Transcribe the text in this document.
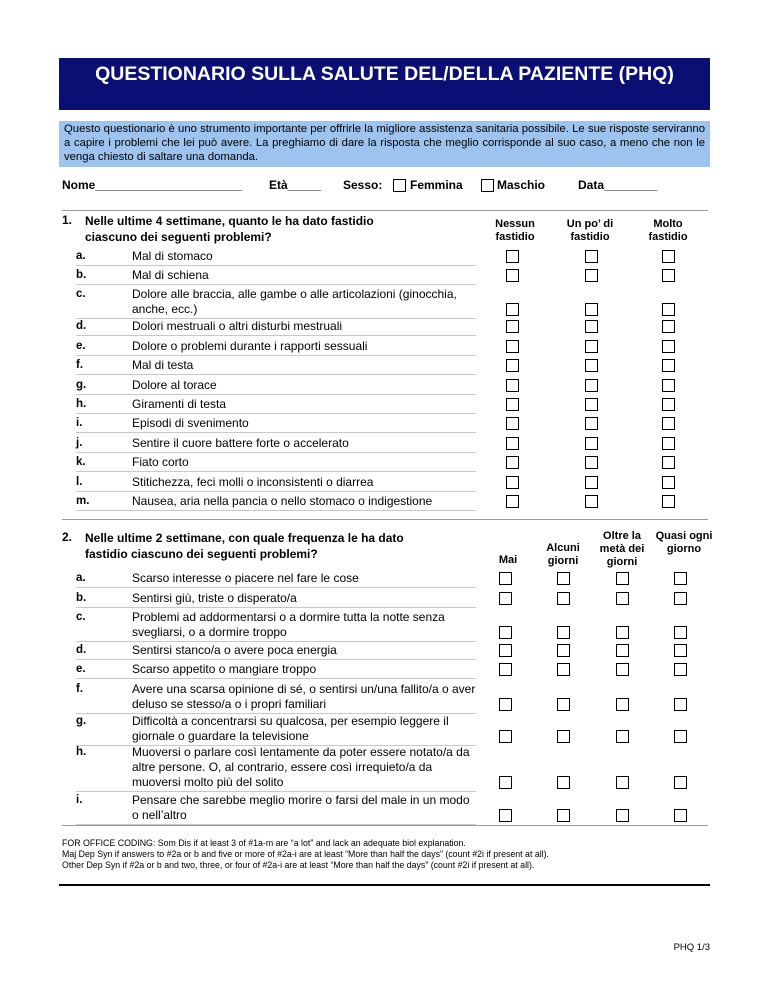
QUESTIONARIO SULLA SALUTE DEL/DELLA PAZIENTE (PHQ)
Questo questionario è uno strumento importante per offrirle la migliore assistenza sanitaria possibile. Le sue risposte serviranno a capire i problemi che lei può avere. La preghiamo di dare la risposta che meglio corrisponde al suo caso, a meno che non le venga chiesto di saltare una domanda.
Nome______________________ Età_____ Sesso: Femmina	Maschio	Data________
1. Nelle ultime 4 settimane, quanto le ha dato fastidio ciascuno dei seguenti problemi?
Nessun fastidio
Un po’ di fastidio
Molto fastidio
a.	Mal di stomaco
b.	Mal di schiena
c.	Dolore alle braccia, alle gambe o alle articolazioni (ginocchia, anche, ecc.)
d.	Dolori mestruali o altri disturbi mestruali
e.	Dolore o problemi durante i rapporti sessuali
f.	Mal di testa
g.	Dolore al torace
h.	Giramenti di testa
i.	Episodi di svenimento
j.	Sentire il cuore battere forte o accelerato
k.	Fiato corto
l.	Stitichezza, feci molli o inconsistenti o diarrea
m.	Nausea, aria nella pancia o nello stomaco o indigestione
2. Nelle ultime 2 settimane, con quale frequenza le ha dato fastidio ciascuno dei seguenti problemi?	Mai
Alcuni giorni
Oltre la metà dei giorni
Quasi ogni giorno
a.	Scarso interesse o piacere nel fare le cose
b.	Sentirsi giù, triste o disperato/a
c.	Problemi ad addormentarsi o a dormire tutta la notte senza svegliarsi, o a dormire troppo
d.	Sentirsi stanco/a o avere poca energia
e.	Scarso appetito o mangiare troppo
f.	Avere una scarsa opinione di sé, o sentirsi un/una fallito/a o aver deluso se stesso/a o i propri familiari
g.	Difficoltà a concentrarsi su qualcosa, per esempio leggere il giornale o guardare la televisione
h.	Muoversi o parlare così lentamente da poter essere notato/a da altre persone. O, al contrario, essere così irrequieto/a da muoversi molto più del solito
i.	Pensare che sarebbe meglio morire o farsi del male in un modo o nell’altro
FOR OFFICE CODING: Som Dis if at least 3 of #1a-m are “a lot” and lack an adequate biol explanation.
Maj Dep Syn if answers to #2a or b and five or more of #2a-i are at least “More than half the days” (count #2i if present at all).
Other Dep Syn if #2a or b and two, three, or four of #2a-i are at least “More than half the days” (count #2i if present at all).
PHQ 1/3
